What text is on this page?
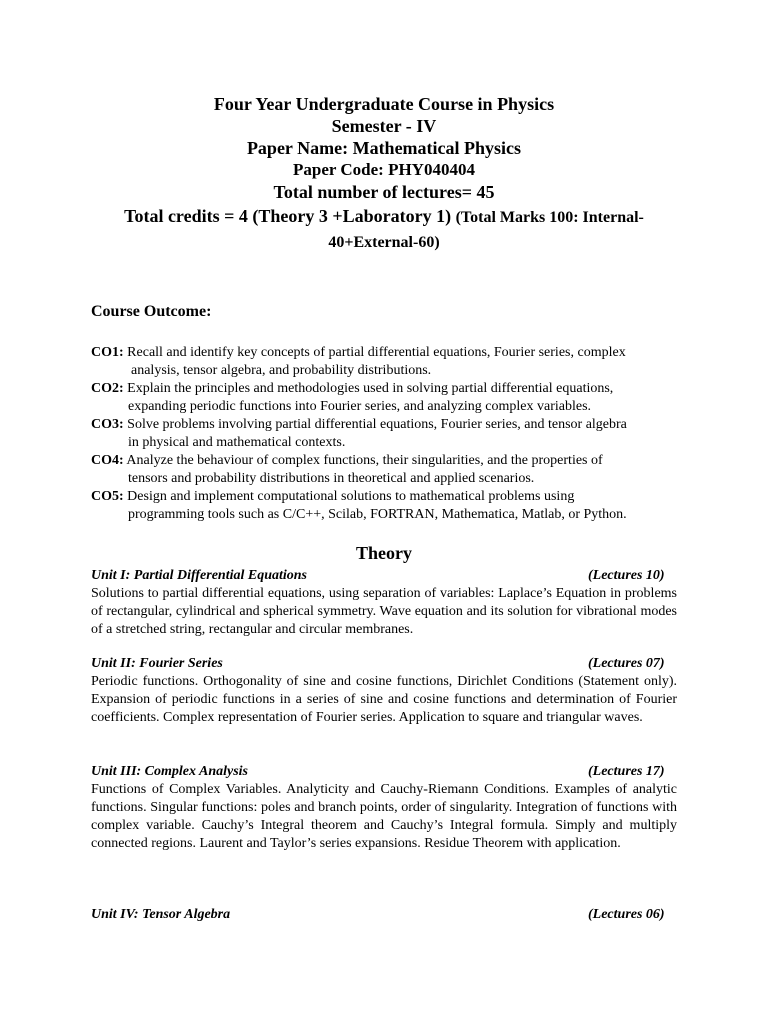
Four Year Undergraduate Course in Physics
Semester - IV
Paper Name: Mathematical Physics
Paper Code: PHY040404
Total number of lectures= 45
Total credits = 4 (Theory 3 +Laboratory 1) (Total Marks 100: Internal-
40+External-60)
Course Outcome:
CO1: Recall and identify key concepts of partial differential equations, Fourier series, complex
analysis, tensor algebra, and probability distributions.
CO2: Explain the principles and methodologies used in solving partial differential equations,
expanding periodic functions into Fourier series, and analyzing complex variables.
CO3: Solve problems involving partial differential equations, Fourier series, and tensor algebra
in physical and mathematical contexts.
CO4: Analyze the behaviour of complex functions, their singularities, and the properties of
tensors and probability distributions in theoretical and applied scenarios.
CO5: Design and implement computational solutions to mathematical problems using
programming tools such as C/C++, Scilab, FORTRAN, Mathematica, Matlab, or Python.
Theory
Unit I: Partial Differential Equations	(Lectures 10)
Solutions to partial differential equations, using separation of variables: Laplace’s Equation in problems of rectangular, cylindrical and spherical symmetry. Wave equation and its solution for vibrational modes of a stretched string, rectangular and circular membranes.
Unit II: Fourier Series	(Lectures 07)
Periodic functions. Orthogonality of sine and cosine functions, Dirichlet Conditions (Statement only). Expansion of periodic functions in a series of sine and cosine functions and determination of Fourier coefficients. Complex representation of Fourier series. Application to square and triangular waves.
Unit III: Complex Analysis	(Lectures 17)
Functions of Complex Variables. Analyticity and Cauchy-Riemann Conditions. Examples of analytic functions. Singular functions: poles and branch points, order of singularity. Integration of functions with complex variable. Cauchy’s Integral theorem and Cauchy’s Integral formula. Simply and multiply connected regions. Laurent and Taylor’s series expansions. Residue Theorem with application.
Unit IV: Tensor Algebra	(Lectures 06)
